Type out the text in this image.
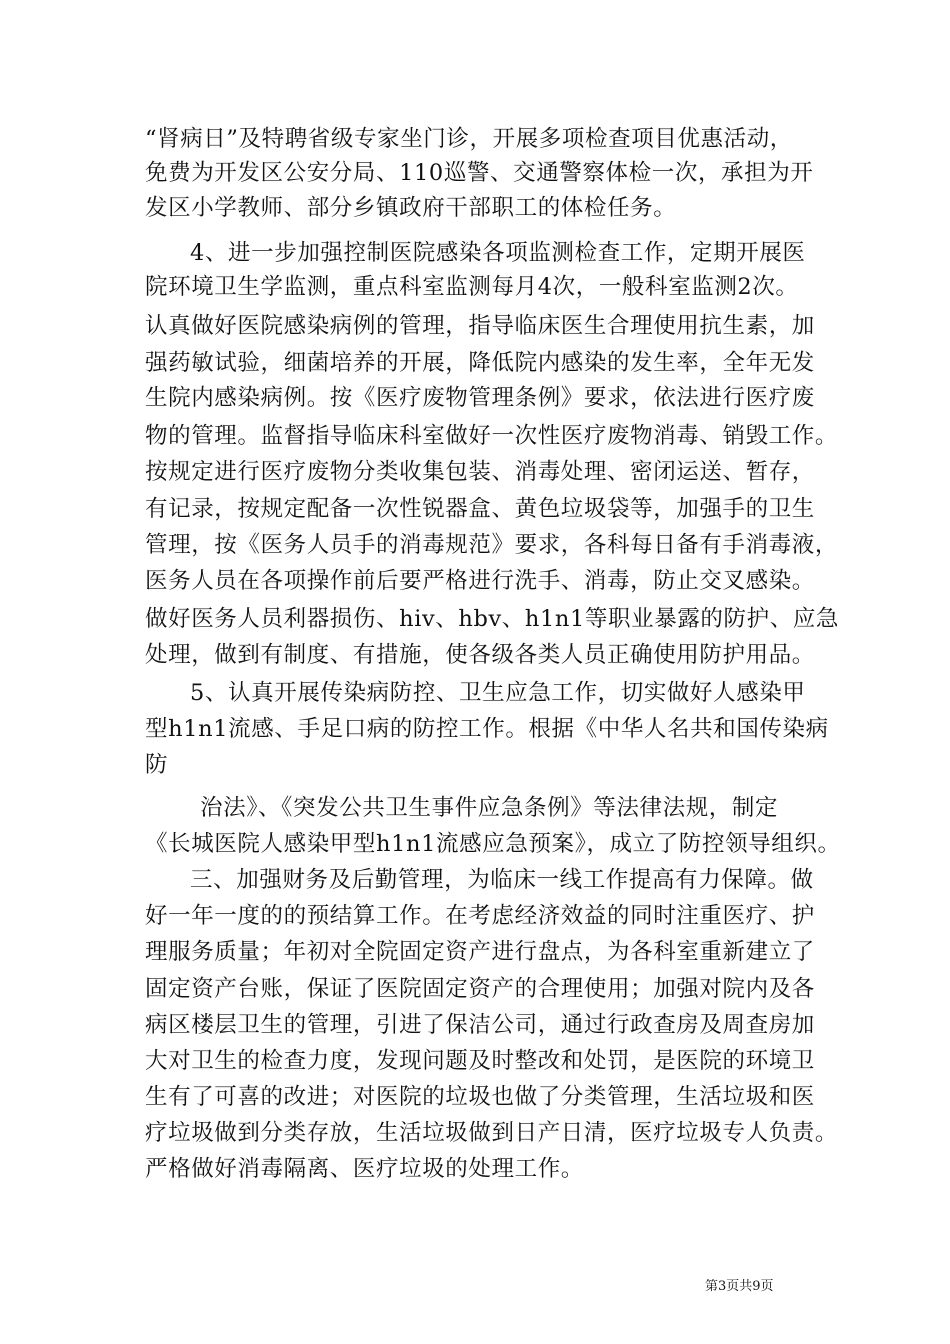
“肾病日”及特聘省级专家坐门诊，开展多项检查项目优惠活动，
免费为开发区公安分局、110巡警、交通警察体检一次，承担为开
发区小学教师、部分乡镇政府干部职工的体检任务。
4、进一步加强控制医院感染各项监测检查工作，定期开展医
院环境卫生学监测，重点科室监测每月4次，一般科室监测2次。
认真做好医院感染病例的管理，指导临床医生合理使用抗生素，加
强药敏试验，细菌培养的开展，降低院内感染的发生率，全年无发
生院内感染病例。按《医疗废物管理条例》要求，依法进行医疗废
物的管理。监督指导临床科室做好一次性医疗废物消毒、销毁工作。
按规定进行医疗废物分类收集包装、消毒处理、密闭运送、暂存，
有记录，按规定配备一次性锐器盒、黄色垃圾袋等，加强手的卫生
管理，按《医务人员手的消毒规范》要求，各科每日备有手消毒液，
医务人员在各项操作前后要严格进行洗手、消毒，防止交叉感染。
做好医务人员利器损伤、hiv、hbv、h1n1等职业暴露的防护、应急
处理，做到有制度、有措施，使各级各类人员正确使用防护用品。
5、认真开展传染病防控、卫生应急工作，切实做好人感染甲
型h1n1流感、手足口病的防控工作。根据《中华人名共和国传染病
防
治法》、《突发公共卫生事件应急条例》等法律法规，制定
《长城医院人感染甲型h1n1流感应急预案》，成立了防控领导组织。
三、加强财务及后勤管理，为临床一线工作提高有力保障。做
好一年一度的的预结算工作。在考虑经济效益的同时注重医疗、护
理服务质量；年初对全院固定资产进行盘点，为各科室重新建立了
固定资产台账，保证了医院固定资产的合理使用；加强对院内及各
病区楼层卫生的管理，引进了保洁公司，通过行政查房及周查房加
大对卫生的检查力度，发现问题及时整改和处罚，是医院的环境卫
生有了可喜的改进；对医院的垃圾也做了分类管理，生活垃圾和医
疗垃圾做到分类存放，生活垃圾做到日产日清，医疗垃圾专人负责。
严格做好消毒隔离、医疗垃圾的处理工作。
第3页共9页
